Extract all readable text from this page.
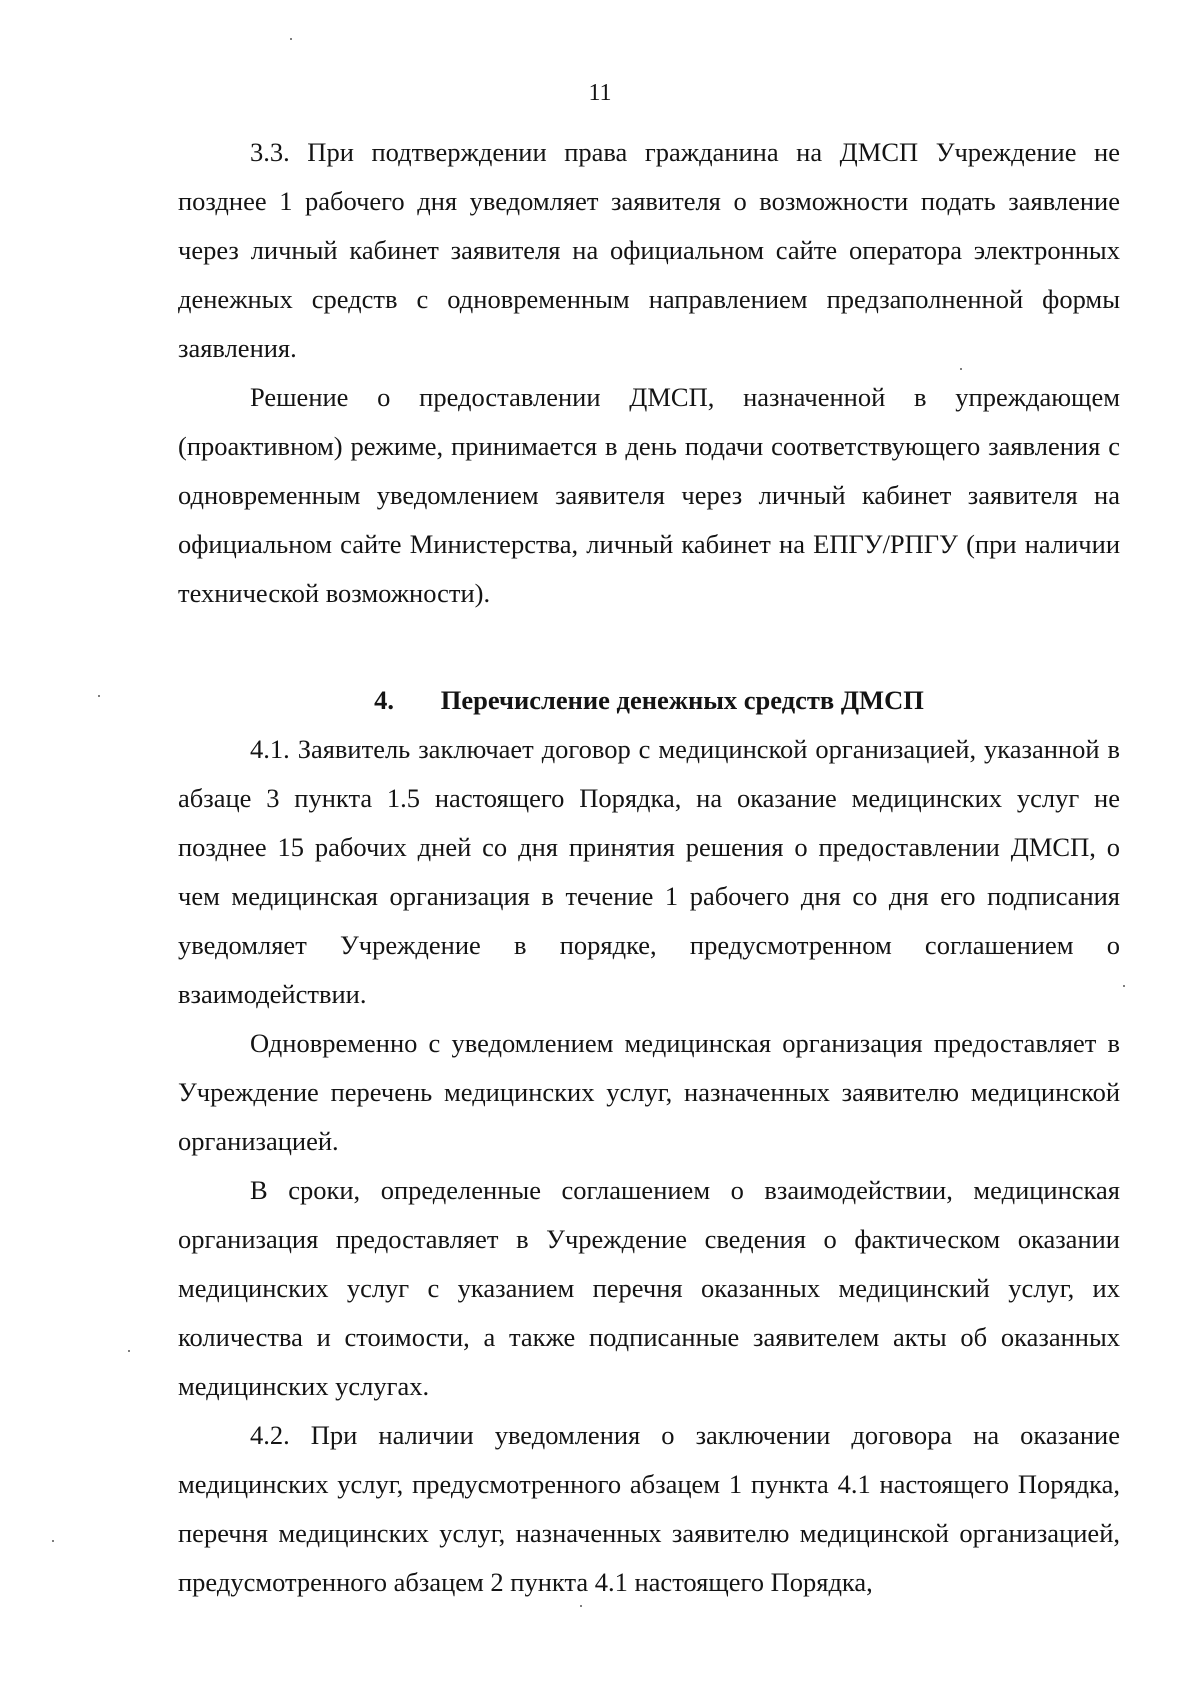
11

3.3. При подтверждении права гражданина на ДМСП Учреждение не позднее 1 рабочего дня уведомляет заявителя о возможности подать заявление через личный кабинет заявителя на официальном сайте оператора электронных денежных средств с одновременным направлением предзаполненной формы заявления.

Решение о предоставлении ДМСП, назначенной в упреждающем (проактивном) режиме, принимается в день подачи соответствующего заявления с одновременным уведомлением заявителя через личный кабинет заявителя на официальном сайте Министерства, личный кабинет на ЕПГУ/РПГУ (при наличии технической возможности).

4. Перечисление денежных средств ДМСП

4.1. Заявитель заключает договор с медицинской организацией, указанной в абзаце 3 пункта 1.5 настоящего Порядка, на оказание медицинских услуг не позднее 15 рабочих дней со дня принятия решения о предоставлении ДМСП, о чем медицинская организация в течение 1 рабочего дня со дня его подписания уведомляет Учреждение в порядке, предусмотренном соглашением о взаимодействии.

Одновременно с уведомлением медицинская организация предоставляет в Учреждение перечень медицинских услуг, назначенных заявителю медицинской организацией.

В сроки, определенные соглашением о взаимодействии, медицинская организация предоставляет в Учреждение сведения о фактическом оказании медицинских услуг с указанием перечня оказанных медицинский услуг, их количества и стоимости, а также подписанные заявителем акты об оказанных медицинских услугах.

4.2. При наличии уведомления о заключении договора на оказание медицинских услуг, предусмотренного абзацем 1 пункта 4.1 настоящего Порядка, перечня медицинских услуг, назначенных заявителю медицинской организацией, предусмотренного абзацем 2 пункта 4.1 настоящего Порядка,
